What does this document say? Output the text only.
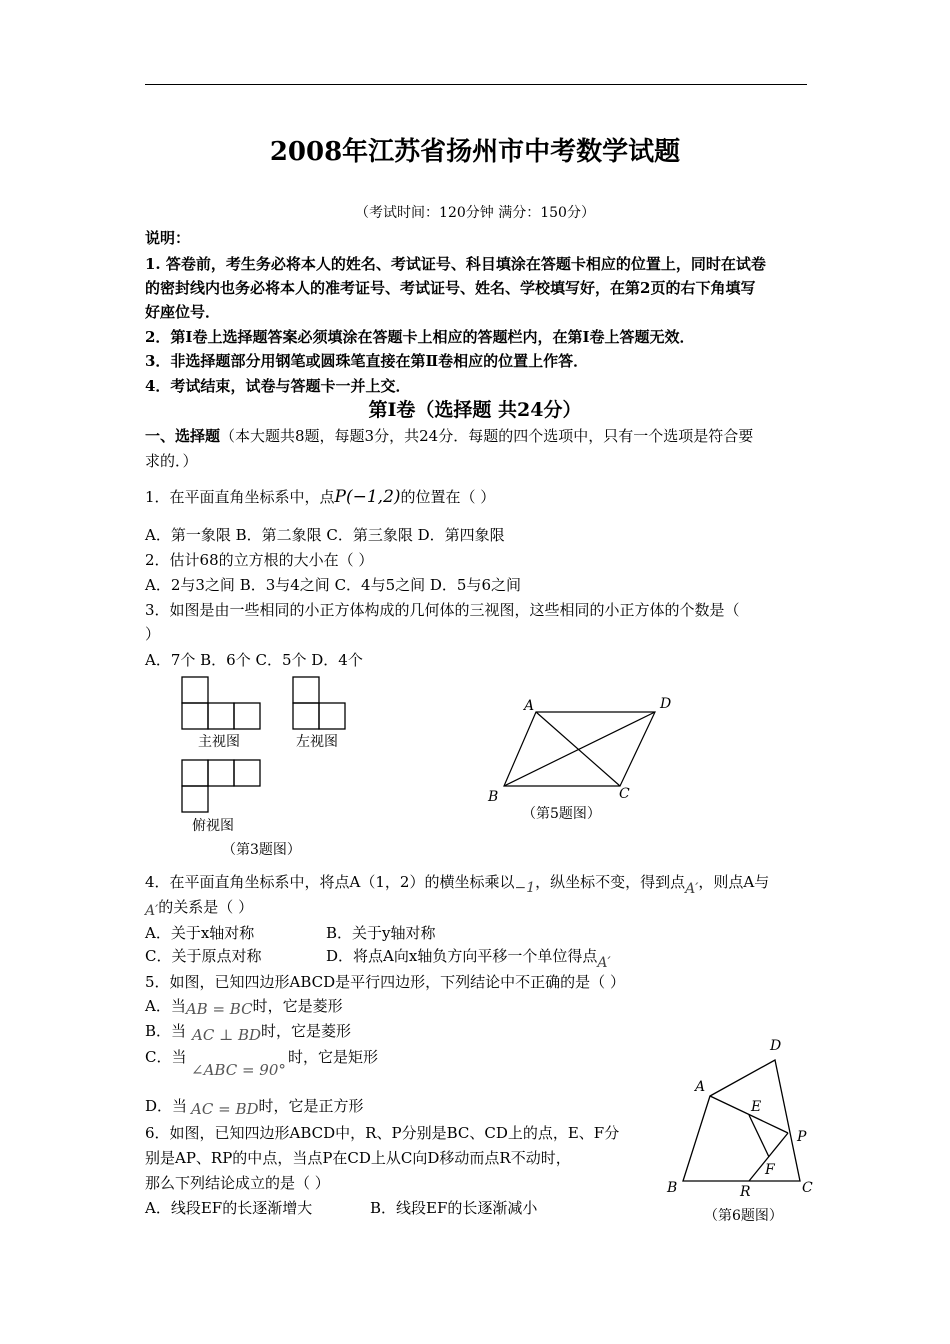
2008年江苏省扬州市中考数学试题
（考试时间：120分钟 满分：150分）
说明：
1. 答卷前，考生务必将本人的姓名、考试证号、科目填涂在答题卡相应的位置上，同时在试卷
的密封线内也务必将本人的准考证号、考试证号、姓名、学校填写好，在第2页的右下角填写
好座位号．
2．第Ⅰ卷上选择题答案必须填涂在答题卡上相应的答题栏内，在第Ⅰ卷上答题无效．
3．非选择题部分用钢笔或圆珠笔直接在第Ⅱ卷相应的位置上作答．
4．考试结束，试卷与答题卡一并上交．
第Ⅰ卷（选择题 共24分）
一、选择题（本大题共8题，每题3分，共24分．每题的四个选项中，只有一个选项是符合要
求的．）
1．在平面直角坐标系中，点P(−1,2)的位置在（ ）
A．第一象限 B．第二象限 C．第三象限 D．第四象限
2．估计68的立方根的大小在（ ）
A．2与3之间 B．3与4之间 C．4与5之间 D．5与6之间
3．如图是由一些相同的小正方体构成的几何体的三视图，这些相同的小正方体的个数是（
）
A．7个 B．6个 C．5个 D．4个
主视图	左视图
俯视图
（第3题图）
A	D
B	C
（第5题图）
4．在平面直角坐标系中，将点A（1，2）的横坐标乘以−1，纵坐标不变，得到点A′，则点A与
A′的关系是（ ）
A．关于x轴对称	B．关于y轴对称
C．关于原点对称	D．将点A向x轴负方向平移一个单位得点A′
5．如图，已知四边形ABCD是平行四边形，下列结论中不正确的是（ ）
A．当AB = BC时，它是菱形
B．当 AC ⊥ BD时，它是菱形
C．当
∠ABC = 90°
时，它是矩形
D．当 AC = BD时，它是正方形
6．如图，已知四边形ABCD中，R、P分别是BC、CD上的点，E、F分
别是AP、RP的中点，当点P在CD上从C向D移动而点R不动时，
那么下列结论成立的是（ ）
A．线段EF的长逐渐增大	B．线段EF的长逐渐减小
D
A
E
P
F
B	R	C
（第6题图）
